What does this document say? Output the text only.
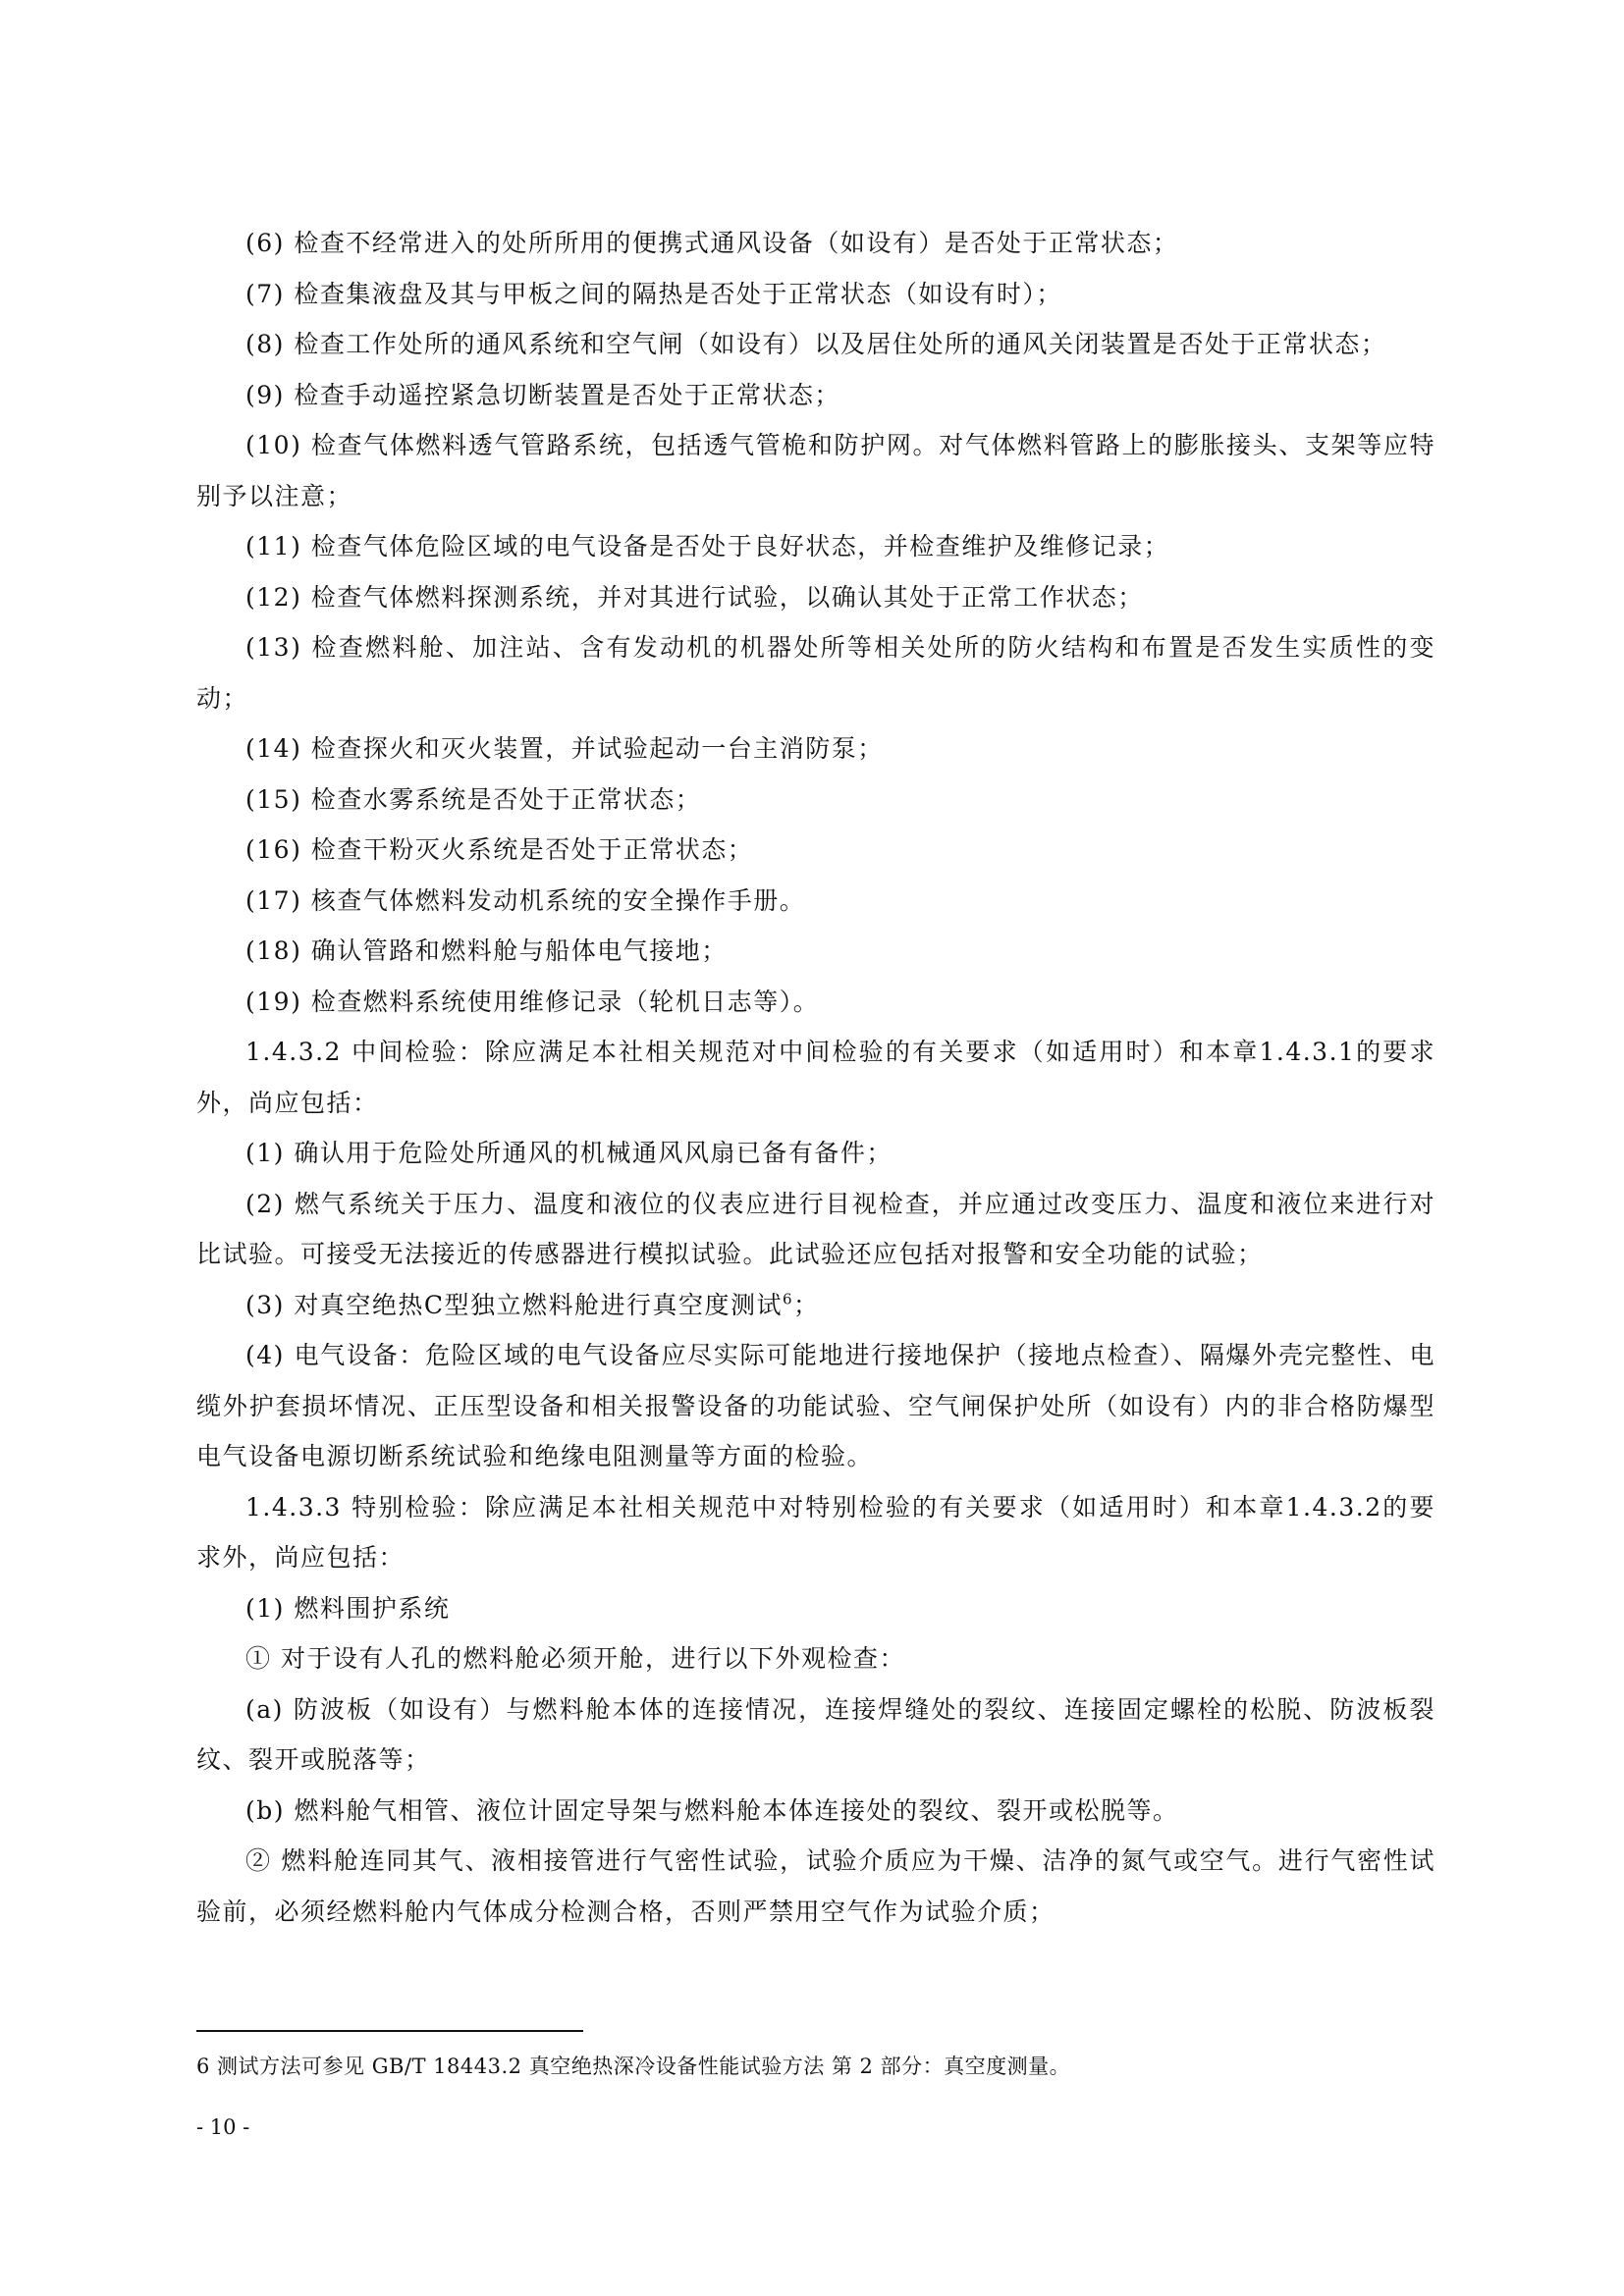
(6) 检查不经常进入的处所所用的便携式通风设备（如设有）是否处于正常状态；

(7) 检查集液盘及其与甲板之间的隔热是否处于正常状态（如设有时）；

(8) 检查工作处所的通风系统和空气闸（如设有）以及居住处所的通风关闭装置是否处于正常状态；

(9) 检查手动遥控紧急切断装置是否处于正常状态；

(10) 检查气体燃料透气管路系统，包括透气管桅和防护网。对气体燃料管路上的膨胀接头、支架等应特别予以注意；

(11) 检查气体危险区域的电气设备是否处于良好状态，并检查维护及维修记录；

(12) 检查气体燃料探测系统，并对其进行试验，以确认其处于正常工作状态；

(13) 检查燃料舱、加注站、含有发动机的机器处所等相关处所的防火结构和布置是否发生实质性的变动；

(14) 检查探火和灭火装置，并试验起动一台主消防泵；

(15) 检查水雾系统是否处于正常状态；

(16) 检查干粉灭火系统是否处于正常状态；

(17) 核查气体燃料发动机系统的安全操作手册。

(18) 确认管路和燃料舱与船体电气接地；

(19) 检查燃料系统使用维修记录（轮机日志等）。

1.4.3.2 中间检验：除应满足本社相关规范对中间检验的有关要求（如适用时）和本章1.4.3.1的要求外，尚应包括：

(1) 确认用于危险处所通风的机械通风风扇已备有备件；

(2) 燃气系统关于压力、温度和液位的仪表应进行目视检查，并应通过改变压力、温度和液位来进行对比试验。可接受无法接近的传感器进行模拟试验。此试验还应包括对报警和安全功能的试验；

(3) 对真空绝热C型独立燃料舱进行真空度测试$^6$；

(4) 电气设备：危险区域的电气设备应尽实际可能地进行接地保护（接地点检查）、隔爆外壳完整性、电缆外护套损坏情况、正压型设备和相关报警设备的功能试验、空气闸保护处所（如设有）内的非合格防爆型电气设备电源切断系统试验和绝缘电阻测量等方面的检验。

1.4.3.3 特别检验：除应满足本社相关规范中对特别检验的有关要求（如适用时）和本章1.4.3.2的要求外，尚应包括：

(1) 燃料围护系统

① 对于设有人孔的燃料舱必须开舱，进行以下外观检查：

(a) 防波板（如设有）与燃料舱本体的连接情况，连接焊缝处的裂纹、连接固定螺栓的松脱、防波板裂纹、裂开或脱落等；

(b) 燃料舱气相管、液位计固定导架与燃料舱本体连接处的裂纹、裂开或松脱等。

② 燃料舱连同其气、液相接管进行气密性试验，试验介质应为干燥、洁净的氮气或空气。进行气密性试验前，必须经燃料舱内气体成分检测合格，否则严禁用空气作为试验介质；

6 测试方法可参见 GB/T 18443.2 真空绝热深冷设备性能试验方法 第 2 部分：真空度测量。

- 10 -
